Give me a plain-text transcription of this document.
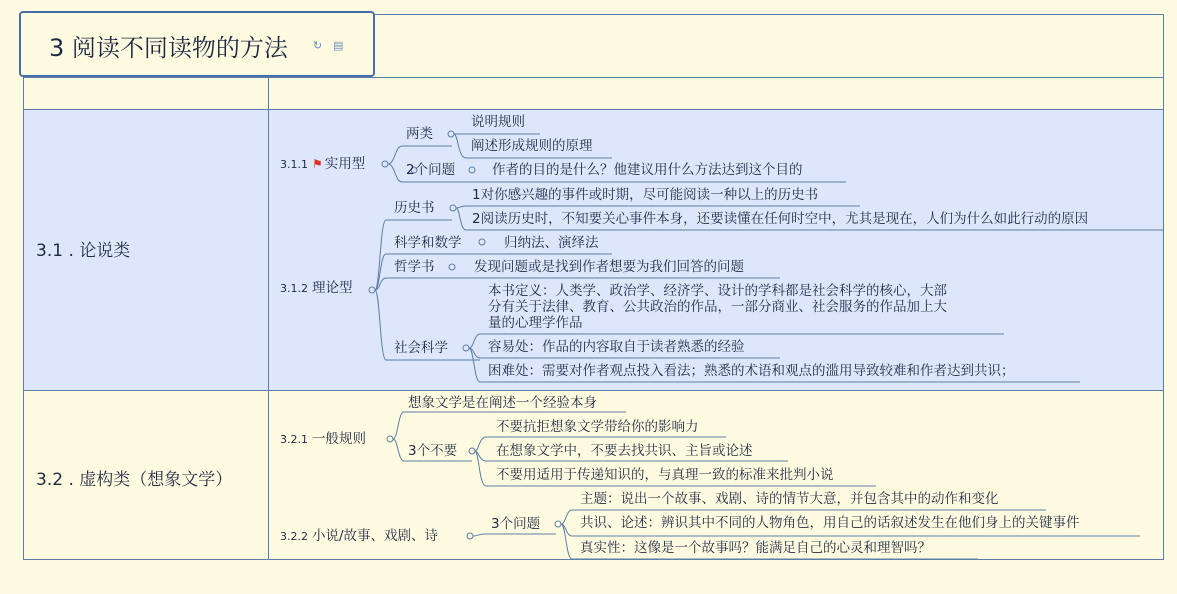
3 阅读不同读物的方法 ↻ ▤
3.1 . 论说类
3.2 . 虚构类（想象文学）
3.1.1 ⚑ 实用型
两类
说明规则
阐述形成规则的原理
2个问题	作者的目的是什么？他建议用什么方法达到这个目的
3.1.2 理论型
历史书
1对你感兴趣的事件或时期，尽可能阅读一种以上的历史书
2阅读历史时，不知要关心事件本身，还要读懂在任何时空中，尤其是现在，人们为什么如此行动的原因
科学和数学	归纳法、演绎法
哲学书	发现问题或是找到作者想要为我们回答的问题
社会科学
本书定义：人类学、政治学、经济学、设计的学科都是社会科学的核心，大部
分有关于法律、教育、公共政治的作品，一部分商业、社会服务的作品加上大
量的心理学作品
容易处：作品的内容取自于读者熟悉的经验
困难处：需要对作者观点投入看法；熟悉的术语和观点的滥用导致较难和作者达到共识；
3.2.1 一般规则
想象文学是在阐述一个经验本身
3个不要
不要抗拒想象文学带给你的影响力
在想象文学中，不要去找共识、主旨或论述
不要用适用于传递知识的，与真理一致的标准来批判小说
3.2.2 小说/故事、戏剧、诗
3个问题
主题：说出一个故事、戏剧、诗的情节大意，并包含其中的动作和变化
共识、论述：辨识其中不同的人物角色，用自己的话叙述发生在他们身上的关键事件
真实性：这像是一个故事吗？能满足自己的心灵和理智吗？
